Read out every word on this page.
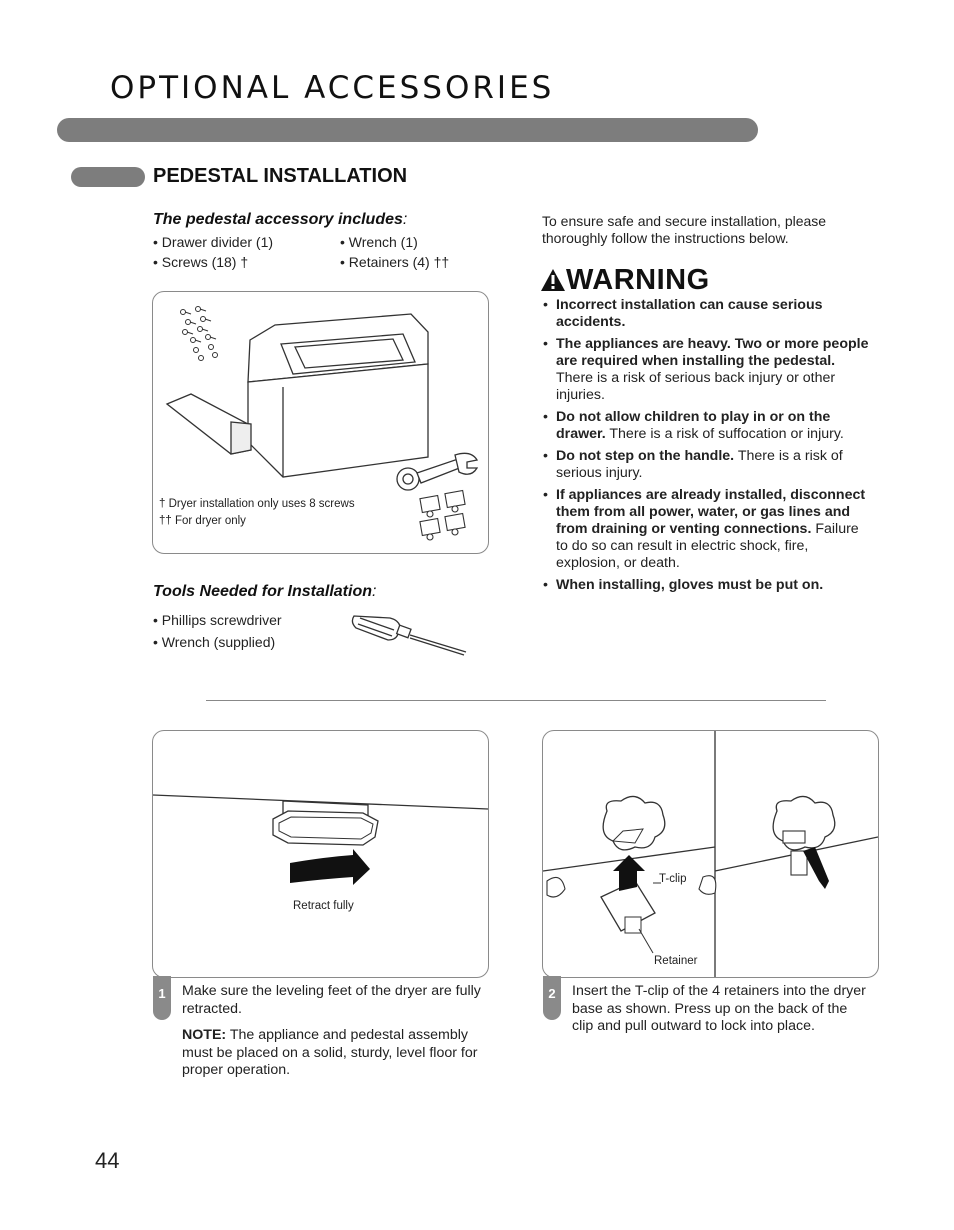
OPTIONAL ACCESSORIES
PEDESTAL INSTALLATION
The pedestal accessory includes:
• Drawer divider (1)
• Screws (18) †
• Wrench (1)
• Retainers (4) ††
† Dryer installation only uses 8 screws
†† For dryer only
Tools Needed for Installation:
• Phillips screwdriver
• Wrench (supplied)
To ensure safe and secure installation, please thoroughly follow the instructions below.
WARNING
• Incorrect installation can cause serious accidents.
• The appliances are heavy. Two or more people are required when installing the pedestal. There is a risk of serious back injury or other injuries.
• Do not allow children to play in or on the drawer. There is a risk of suffocation or injury.
• Do not step on the handle. There is a risk of serious injury.
• If appliances are already installed, disconnect them from all power, water, or gas lines and from draining or venting connections. Failure to do so can result in electric shock, fire, explosion, or death.
• When installing, gloves must be put on.
Retract fully
1	Make sure the leveling feet of the dryer are fully retracted.
NOTE: The appliance and pedestal assembly must be placed on a solid, sturdy, level floor for proper operation.
T-clip
Retainer
2	Insert the T-clip of the 4 retainers into the dryer base as shown. Press up on the back of the clip and pull outward to lock into place.
44
